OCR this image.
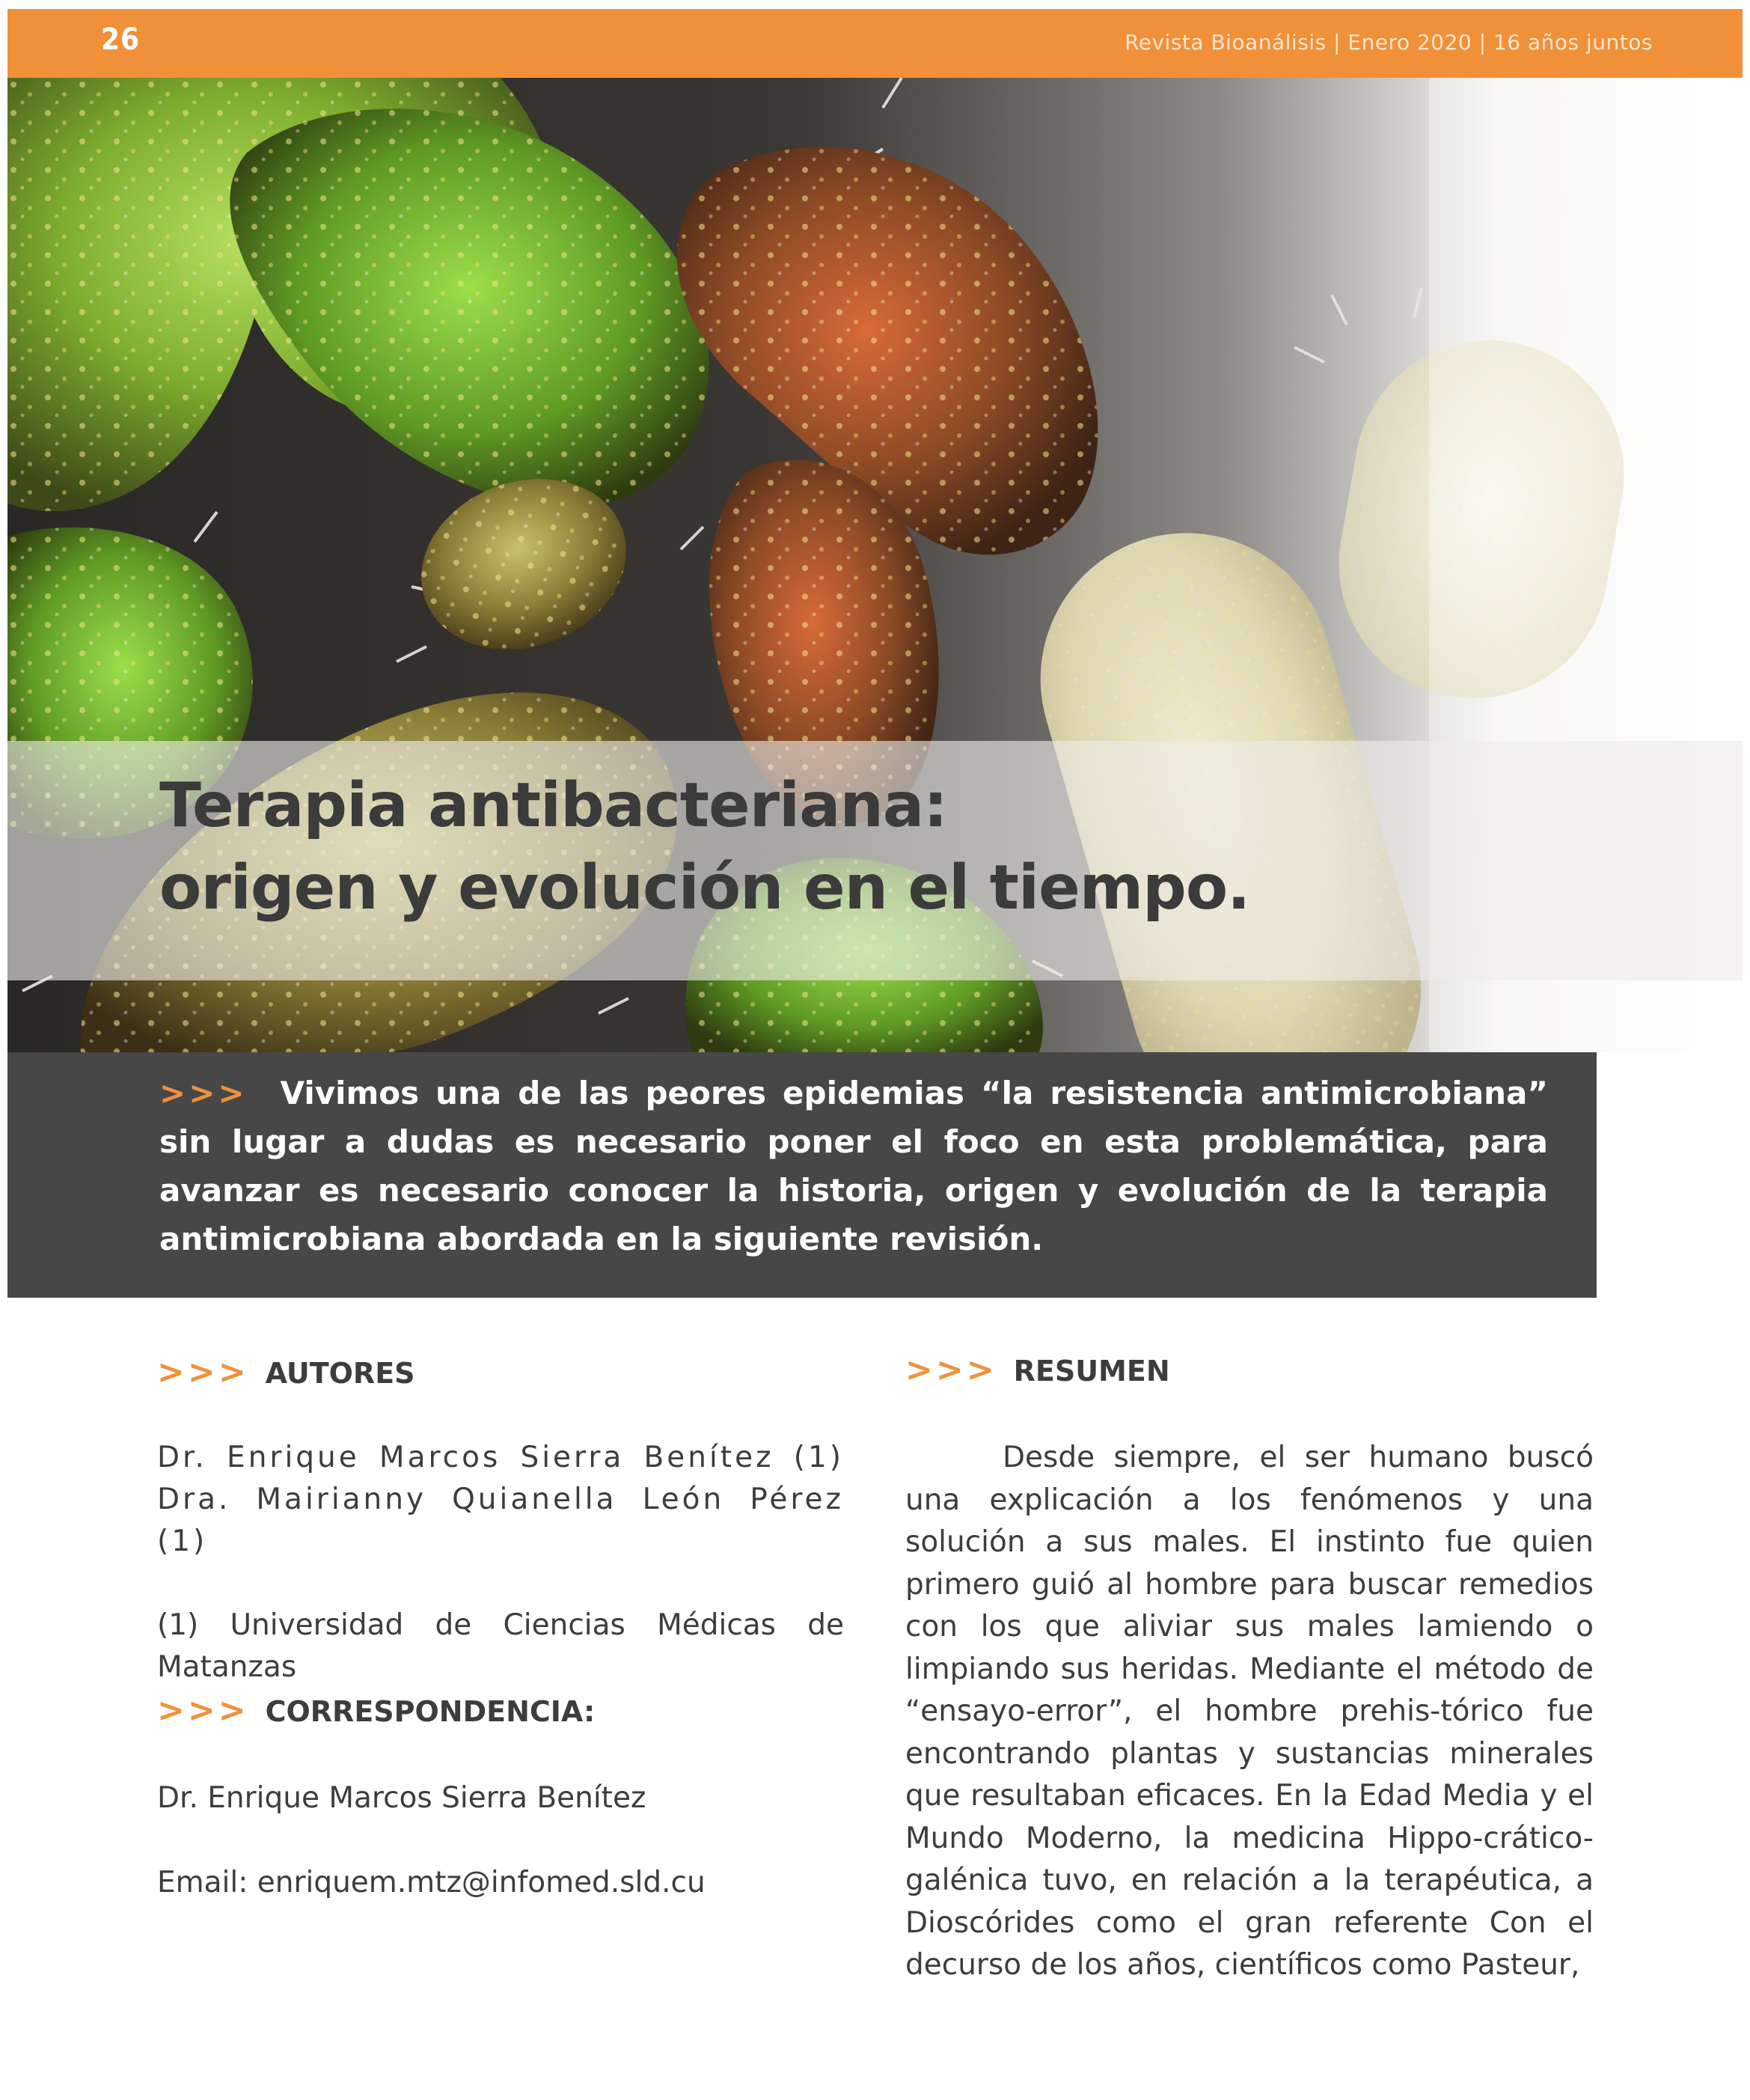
26	Revista Bioanálisis | Enero 2020 | 16 años juntos
Terapia antibacteriana:
origen y evolución en el tiempo.

>>> Vivimos una de las peores epidemias “la resistencia antimicrobiana” sin lugar a dudas es necesario poner el foco en esta problemática, para avanzar es necesario conocer la historia, origen y evolución de la terapia antimicrobiana abordada en la siguiente revisión.

>>> AUTORES
Dr. Enrique Marcos Sierra Benítez (1) Dra. Mairianny Quianella León Pérez (1)
(1) Universidad de Ciencias Médicas de Matanzas
>>> CORRESPONDENCIA:
Dr. Enrique Marcos Sierra Benítez
Email: enriquem.mtz@infomed.sld.cu
>>> RESUMEN

Desde siempre, el ser humano buscó una explicación a los fenómenos y una solución a sus males. El instinto fue quien primero guió al hombre para buscar remedios con los que aliviar sus males lamiendo o limpiando sus heridas. Mediante el método de “ensayo-error”, el hombre prehis-tórico fue encontrando plantas y sustancias minerales que resultaban eficaces. En la Edad Media y el Mundo Moderno, la medicina Hippo-crático-galénica tuvo, en relación a la terapéutica, a Dioscórides como el gran referente Con el decurso de los años, científicos como Pasteur,
